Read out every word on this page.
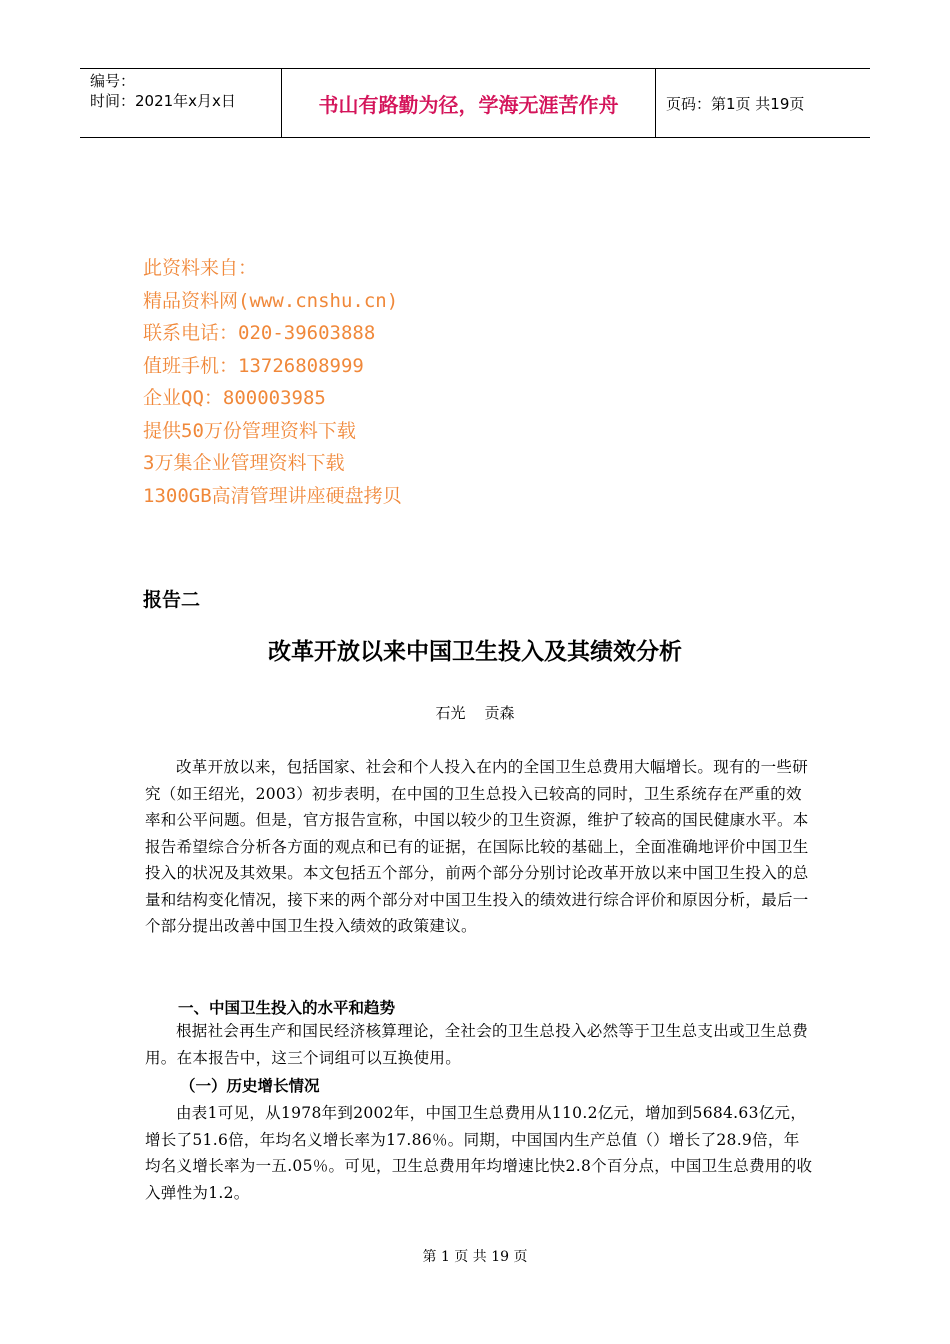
编号：
时间：2021年x月x日	书山有路勤为径，学海无涯苦作舟	页码：第1页 共19页
此资料来自：
精品资料网(www.cnshu.cn)
联系电话：020-39603888
值班手机：13726808999
企业QQ：800003985
提供50万份管理资料下载
3万集企业管理资料下载
1300GB高清管理讲座硬盘拷贝
报告二
改革开放以来中国卫生投入及其绩效分析
石光    贡森

改革开放以来，包括国家、社会和个人投入在内的全国卫生总费用大幅增长。现有的一些研究（如王绍光，2003）初步表明，在中国的卫生总投入已较高的同时，卫生系统存在严重的效率和公平问题。但是，官方报告宣称，中国以较少的卫生资源，维护了较高的国民健康水平。本报告希望综合分析各方面的观点和已有的证据，在国际比较的基础上，全面准确地评价中国卫生投入的状况及其效果。本文包括五个部分，前两个部分分别讨论改革开放以来中国卫生投入的总量和结构变化情况，接下来的两个部分对中国卫生投入的绩效进行综合评价和原因分析，最后一个部分提出改善中国卫生投入绩效的政策建议。

一、中国卫生投入的水平和趋势

根据社会再生产和国民经济核算理论，全社会的卫生总投入必然等于卫生总支出或卫生总费用。在本报告中，这三个词组可以互换使用。

（一）历史增长情况

由表1可见，从1978年到2002年，中国卫生总费用从110.2亿元，增加到5684.63亿元，增长了51.6倍，年均名义增长率为17.86％。同期，中国国内生产总值（）增长了28.9倍，年均名义增长率为一五.05％。可见，卫生总费用年均增速比快2.8个百分点，中国卫生总费用的收入弹性为1.2。

第 1 页 共 19 页
